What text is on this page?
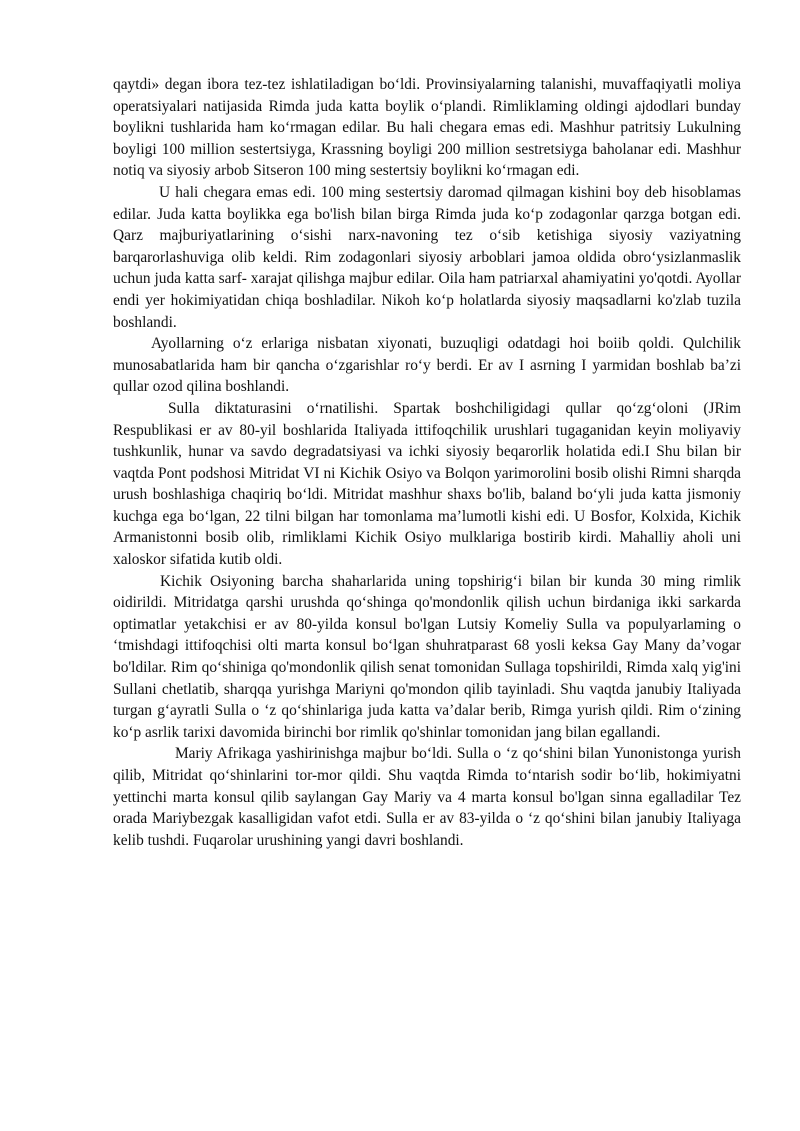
qaytdi» degan ibora tez-tez ishlatiladigan bo‘ldi. Provinsiyalarning talanishi, muvaffaqiyatli moliya operatsiyalari natijasida Rimda juda katta boylik o‘plandi. Rimliklaming oldingi ajdodlari bunday boylikni tushlarida ham ko‘rmagan edilar. Bu hali chegara emas edi. Mashhur patritsiy Lukulning boyligi 100 million sestertsiyga, Krassning boyligi 200 million sestretsiyga baholanar edi. Mashhur notiq va siyosiy arbob Sitseron 100 ming sestertsiy boylikni ko‘rmagan edi.

U hali chegara emas edi. 100 ming sestertsiy daromad qilmagan kishini boy deb hisoblamas edilar. Juda katta boylikka ega bo'lish bilan birga Rimda juda ko‘p zodagonlar qarzga botgan edi. Qarz majburiyatlarining o‘sishi narx-navoning tez o‘sib ketishiga siyosiy vaziyatning barqarorlashuviga olib keldi. Rim zodagonlari siyosiy arboblari jamoa oldida obro‘ysizlanmaslik uchun juda katta sarf- xarajat qilishga majbur edilar. Oila ham patriarxal ahamiyatini yo'qotdi. Ayollar endi yer hokimiyatidan chiqa boshladilar. Nikoh ko‘p holatlarda siyosiy maqsadlarni ko'zlab tuzila boshlandi.

Ayollarning o‘z erlariga nisbatan xiyonati, buzuqligi odatdagi hoi boiib qoldi. Qulchilik munosabatlarida ham bir qancha o‘zgarishlar ro‘y berdi. Er av I asrning I yarmidan boshlab ba’zi qullar ozod qilina boshlandi.

Sulla diktaturasini o‘rnatilishi. Spartak boshchiligidagi qullar qo‘zg‘oloni (JRim Respublikasi er av 80-yil boshlarida Italiyada ittifoqchilik urushlari tugaganidan keyin moliyaviy tushkunlik, hunar va savdo degradatsiyasi va ichki siyosiy beqarorlik holatida edi.I Shu bilan bir vaqtda Pont podshosi Mitridat VI ni Kichik Osiyo va Bolqon yarimorolini bosib olishi Rimni sharqda urush boshlashiga chaqiriq bo‘ldi. Mitridat mashhur shaxs bo'lib, baland bo‘yli juda katta jismoniy kuchga ega bo‘lgan, 22 tilni bilgan har tomonlama ma’lumotli kishi edi. U Bosfor, Kolxida, Kichik Armanistonni bosib olib, rimliklami Kichik Osiyo mulklariga bostirib kirdi. Mahalliy aholi uni xaloskor sifatida kutib oldi.

Kichik Osiyoning barcha shaharlarida uning topshirig‘i bilan bir kunda 30 ming rimlik oidirildi. Mitridatga qarshi urushda qo‘shinga qo'mondonlik qilish uchun birdaniga ikki sarkarda optimatlar yetakchisi er av 80-yilda konsul bo'lgan Lutsiy Komeliy Sulla va populyarlaming o ‘tmishdagi ittifoqchisi olti marta konsul bo‘lgan shuhratparast 68 yosli keksa Gay Many da’vogar bo'ldilar. Rim qo‘shiniga qo'mondonlik qilish senat tomonidan Sullaga topshirildi, Rimda xalq yig'ini Sullani chetlatib, sharqqa yurishga Mariyni qo'mondon qilib tayinladi. Shu vaqtda janubiy Italiyada turgan g‘ayratli Sulla o ‘z qo‘shinlariga juda katta va’dalar berib, Rimga yurish qildi. Rim o‘zining ko‘p asrlik tarixi davomida birinchi bor rimlik qo'shinlar tomonidan jang bilan egallandi.

Mariy Afrikaga yashirinishga majbur bo‘ldi. Sulla o ‘z qo‘shini bilan Yunonistonga yurish qilib, Mitridat qo‘shinlarini tor-mor qildi. Shu vaqtda Rimda to‘ntarish sodir bo‘lib, hokimiyatni yettinchi marta konsul qilib saylangan Gay Mariy va 4 marta konsul bo'lgan sinna egalladilar Tez orada Mariybezgak kasalligidan vafot etdi. Sulla er av 83-yilda o ‘z qo‘shini bilan janubiy Italiyaga kelib tushdi. Fuqarolar urushining yangi davri boshlandi.
